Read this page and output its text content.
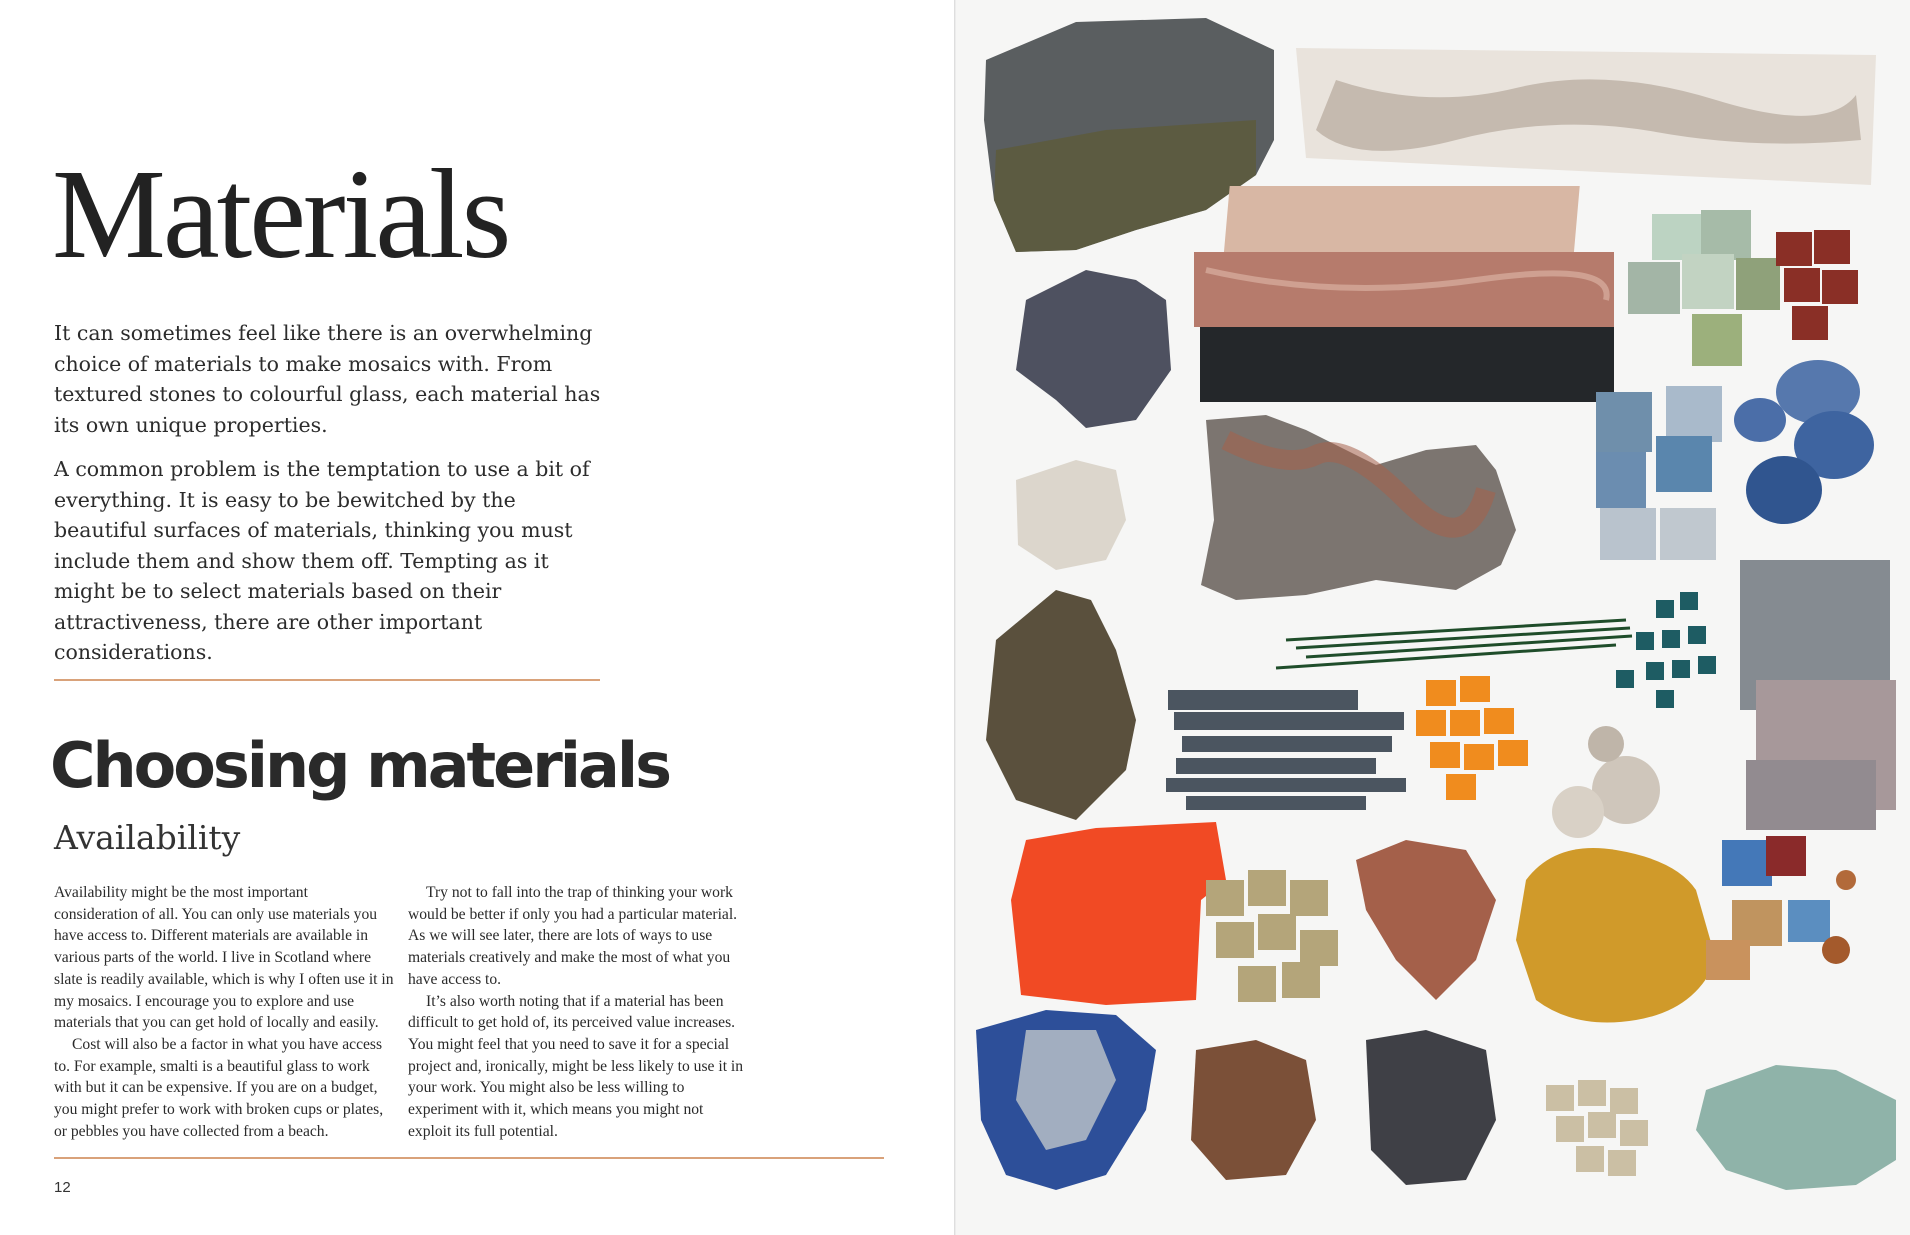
Materials

It can sometimes feel like there is an overwhelming choice of materials to make mosaics with. From textured stones to colourful glass, each material has its own unique properties.

A common problem is the temptation to use a bit of everything. It is easy to be bewitched by the beautiful surfaces of materials, thinking you must include them and show them off. Tempting as it might be to select materials based on their attractiveness, there are other important considerations.

Choosing materials
Availability

Availability might be the most important consideration of all. You can only use materials you have access to. Different materials are available in various parts of the world. I live in Scotland where slate is readily available, which is why I often use it in my mosaics. I encourage you to explore and use materials that you can get hold of locally and easily.

Cost will also be a factor in what you have access to. For example, smalti is a beautiful glass to work with but it can be expensive. If you are on a budget, you might prefer to work with broken cups or plates, or pebbles you have collected from a beach.

Try not to fall into the trap of thinking your work would be better if only you had a particular material. As we will see later, there are lots of ways to use materials creatively and make the most of what you have access to.

It’s also worth noting that if a material has been difficult to get hold of, its perceived value increases. You might feel that you need to save it for a special project and, ironically, might be less likely to use it in your work. You might also be less willing to experiment with it, which means you might not exploit its full potential.

12
